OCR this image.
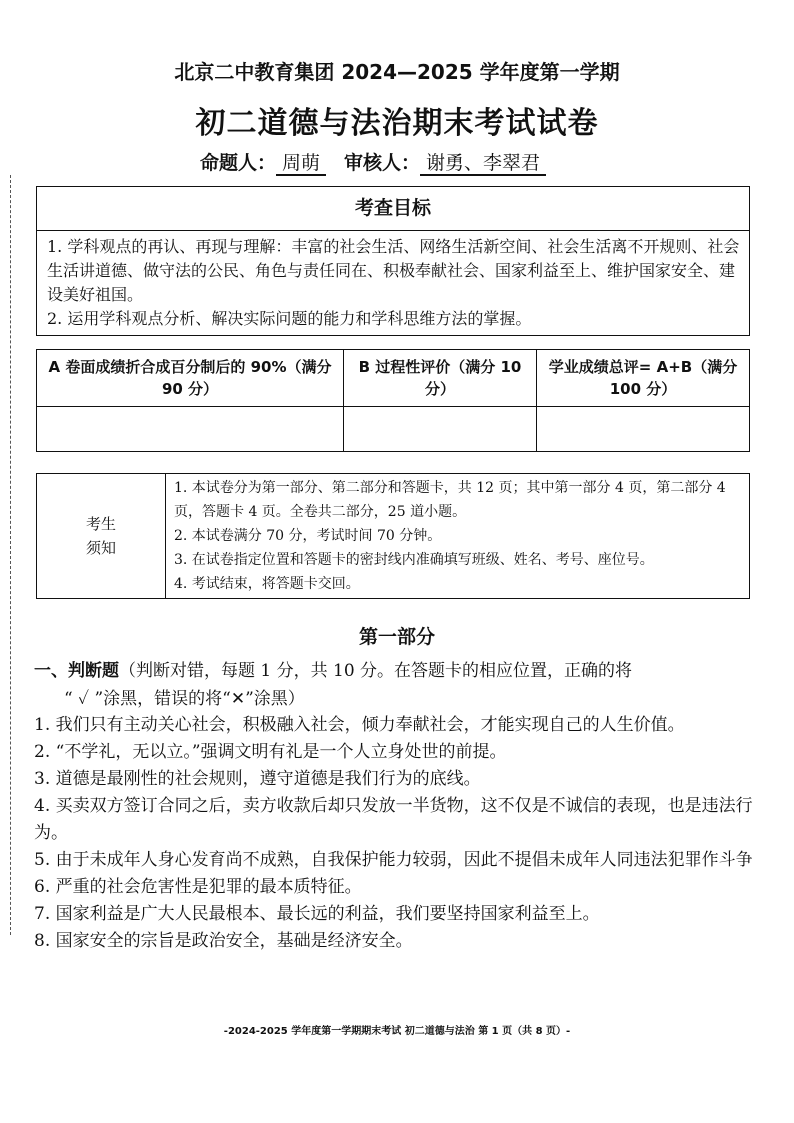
北京二中教育集团 2024—2025 学年度第一学期
初二道德与法治期末考试试卷
命题人： 周萌 审核人： 谢勇、李翠君
考查目标

1. 学科观点的再认、再现与理解：丰富的社会生活、网络生活新空间、社会生活离不开规则、社会生活讲道德、做守法的公民、角色与责任同在、积极奉献社会、国家利益至上、维护国家安全、建设美好祖国。

2. 运用学科观点分析、解决实际问题的能力和学科思维方法的掌握。

A 卷面成绩折合成百分制后的 90%（满分 90 分）	B 过程性评价（满分 10 分）	学业成绩总评= A+B（满分 100 分）

考生
须知

1. 本试卷分为第一部分、第二部分和答题卡，共 12 页；其中第一部分 4 页，第二部分 4 页，答题卡 4 页。全卷共二部分，25 道小题。

2. 本试卷满分 70 分，考试时间 70 分钟。

3. 在试卷指定位置和答题卡的密封线内准确填写班级、姓名、考号、座位号。

4. 考试结束，将答题卡交回。

第一部分
一、判断题（判断对错，每题 1 分，共 10 分。在答题卡的相应位置，正确的将
“ ✓ ”涂黑，错误的将“✕”涂黑）

1. 我们只有主动关心社会，积极融入社会，倾力奉献社会，才能实现自己的人生价值。

2. “不学礼，无以立。”强调文明有礼是一个人立身处世的前提。

3. 道德是最刚性的社会规则，遵守道德是我们行为的底线。

4. 买卖双方签订合同之后，卖方收款后却只发放一半货物，这不仅是不诚信的表现，也是违法行为。

5. 由于未成年人身心发育尚不成熟，自我保护能力较弱，因此不提倡未成年人同违法犯罪作斗争

6. 严重的社会危害性是犯罪的最本质特征。

7. 国家利益是广大人民最根本、最长远的利益，我们要坚持国家利益至上。

8. 国家安全的宗旨是政治安全，基础是经济安全。

-2024-2025 学年度第一学期期末考试 初二道德与法治 第 1 页（共 8 页）-
